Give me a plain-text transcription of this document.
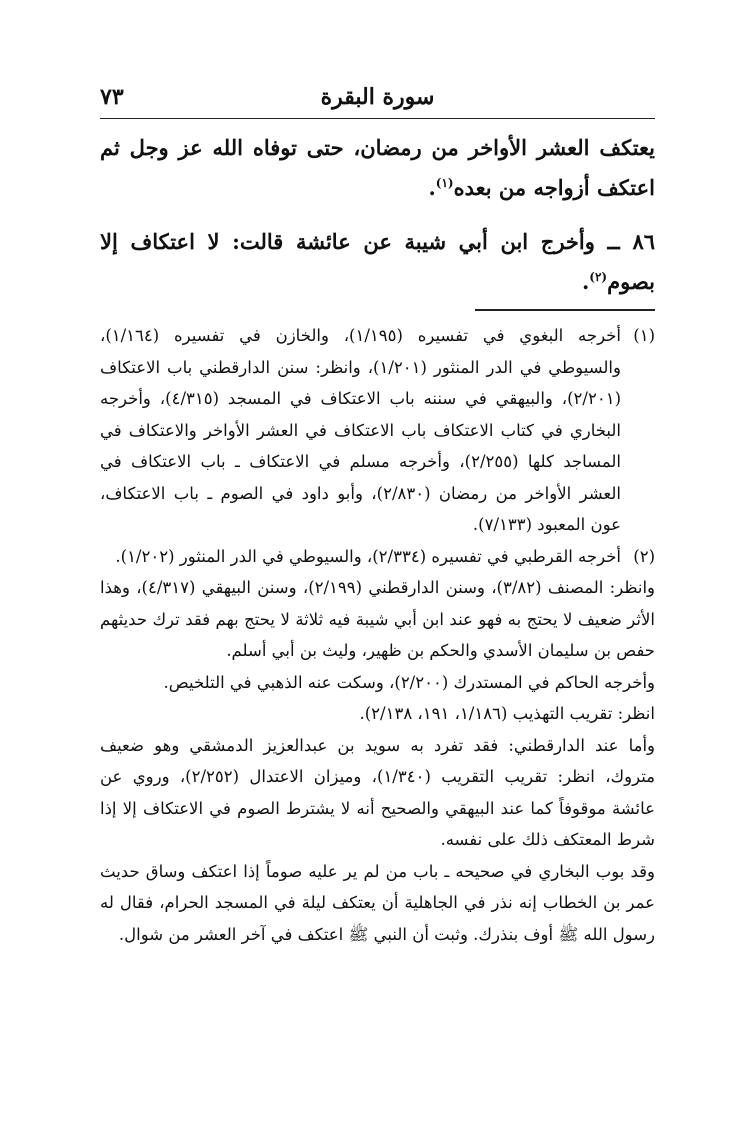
سورة البقرة
٧٣

يعتكف العشر الأواخر من رمضان، حتى توفاه الله عز وجل ثم اعتكف أزواجه من بعده$^{(١)}$.

٨٦ ــ وأخرج ابن أبي شيبة عن عائشة قالت: لا اعتكاف إلا بصوم$^{(٢)}$.

(١)
أخرجه البغوي في تفسيره (١/١٩٥)، والخازن في تفسيره (١/١٦٤)، والسيوطي في الدر المنثور (١/٢٠١)، وانظر: سنن الدارقطني باب الاعتكاف (٢/٢٠١)، والبيهقي في سننه باب الاعتكاف في المسجد (٤/٣١٥)، وأخرجه البخاري في كتاب الاعتكاف باب الاعتكاف في العشر الأواخر والاعتكاف في المساجد كلها (٢/٢٥٥)، وأخرجه مسلم في الاعتكاف ـ باب الاعتكاف في العشر الأواخر من رمضان (٢/٨٣٠)، وأبو داود في الصوم ـ باب الاعتكاف، عون المعبود (٧/١٣٣).
(٢)
أخرجه القرطبي في تفسيره (٢/٣٣٤)، والسيوطي في الدر المنثور (١/٢٠٢).
وانظر: المصنف (٣/٨٢)، وسنن الدارقطني (٢/١٩٩)، وسنن البيهقي (٤/٣١٧)، وهذا الأثر ضعيف لا يحتج به فهو عند ابن أبي شيبة فيه ثلاثة لا يحتج بهم فقد ترك حديثهم حفص بن سليمان الأسدي والحكم بن ظهير، وليث بن أبي أسلم.
وأخرجه الحاكم في المستدرك (٢/٢٠٠)، وسكت عنه الذهبي في التلخيص.
انظر: تقريب التهذيب (١/١٨٦، ١٩١، ٢/١٣٨).
وأما عند الدارقطني: فقد تفرد به سويد بن عبدالعزيز الدمشقي وهو ضعيف متروك، انظر: تقريب التقريب (١/٣٤٠)، وميزان الاعتدال (٢/٢٥٢)، وروي عن عائشة موقوفاً كما عند البيهقي والصحيح أنه لا يشترط الصوم في الاعتكاف إلا إذا شرط المعتكف ذلك على نفسه.
وقد بوب البخاري في صحيحه ـ باب من لم ير عليه صوماً إذا اعتكف وساق حديث عمر بن الخطاب إنه نذر في الجاهلية أن يعتكف ليلة في المسجد الحرام، فقال له رسول الله ﷺ أوف بنذرك. وثبت أن النبي ﷺ اعتكف في آخر العشر من شوال.
